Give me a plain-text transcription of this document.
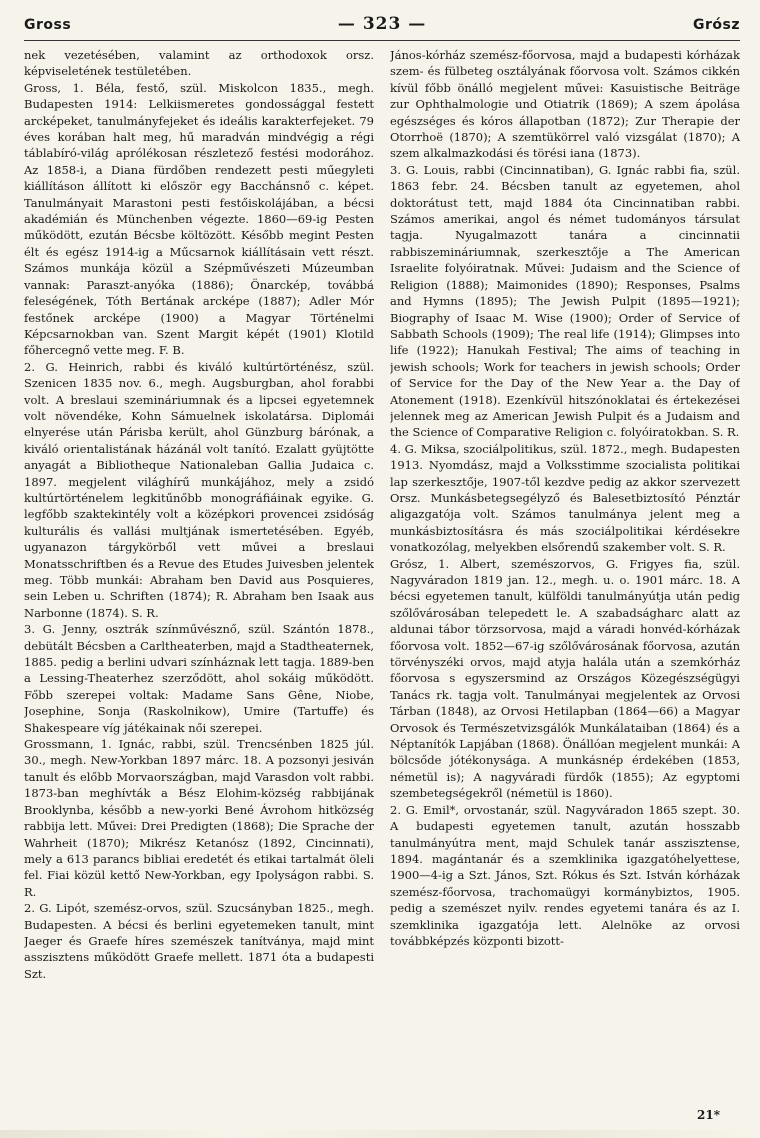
Gross	— 323 —	Grósz

nek vezetésében, valamint az orthodoxok orsz. képviseletének testületében.

Gross, 1. Béla, festő, szül. Miskolcon 1835., megh. Budapesten 1914: Lelkiismeretes gondossággal festett arcképeket, tanulmányfejeket és ideális karakterfejeket. 79 éves korában halt meg, hű maradván mindvégig a régi táblabíró-világ aprólékosan részletező festési modorához. Az 1858-i, a Diana fürdőben rendezett pesti műegyleti kiállításon állított ki először egy Bacchánsnő c. képet. Tanulmányait Marastoni pesti festőiskolájában, a bécsi akadémián és Münchenben végezte. 1860—69-ig Pesten működött, ezután Bécsbe költözött. Később megint Pesten élt és egész 1914-ig a Műcsarnok kiállításain vett részt. Számos munkája közül a Szépművészeti Múzeumban vannak: Paraszt-anyóka (1886); Önarckép, továbbá feleségének, Tóth Bertának arcképe (1887); Adler Mór festőnek arcképe (1900) a Magyar Történelmi Képcsarnokban van. Szent Margit képét (1901) Klotild főhercegnő vette meg. F. B.

2. G. Heinrich, rabbi és kiváló kultúrtörténész, szül. Szenicen 1835 nov. 6., megh. Augsburgban, ahol forabbi volt. A breslaui szemináriumnak és a lipcsei egyetemnek volt növendéke, Kohn Sámuelnek iskolatársa. Diplomái elnyerése után Párisba került, ahol Günzburg bárónak, a kiváló orientalistának házánál volt tanító. Ezalatt gyüjtötte anyagát a Bibliotheque Nationaleban Gallia Judaica c. 1897. megjelent világhírű munkájához, mely a zsidó kultúrtörténelem legkitűnőbb monográfiáinak egyike. G. legfőbb szaktekintély volt a középkori provencei zsidóság kulturális és vallási multjának ismertetésében. Egyéb, ugyanazon tárgykörből vett művei a breslaui Monatsschriftben és a Revue des Etudes Juivesben jelentek meg. Több munkái: Abraham ben David aus Posquieres, sein Leben u. Schriften (1874); R. Abraham ben Isaak aus Narbonne (1874). S. R.

3. G. Jenny, osztrák színművésznő, szül. Szántón 1878., debütált Bécsben a Carltheaterben, majd a Stadtheaternek, 1885. pedig a berlini udvari színháznak lett tagja. 1889-ben a Lessing-Theaterhez szerződött, ahol sokáig működött. Főbb szerepei voltak: Madame Sans Gêne, Niobe, Josephine, Sonja (Raskolnikow), Umire (Tartuffe) és Shakespeare víg játékainak női szerepei.

Grossmann, 1. Ignác, rabbi, szül. Trencsénben 1825 júl. 30., megh. New-Yorkban 1897 márc. 18. A pozsonyi jesiván tanult és előbb Morvaországban, majd Varasdon volt rabbi. 1873-ban meghívták a Bész Elohim-község rabbijának Brooklynba, később a new-yorki Bené Ávrohom hitközség rabbija lett. Művei: Drei Predigten (1868); Die Sprache der Wahrheit (1870); Mikrész Ketanósz (1892, Cincinnati), mely a 613 parancs bibliai eredetét és etikai tartalmát öleli fel. Fiai közül kettő New-Yorkban, egy Ipolyságon rabbi. S. R.

2. G. Lipót, szemész-orvos, szül. Szucsányban 1825., megh. Budapesten. A bécsi és berlini egyetemeken tanult, mint Jaeger és Graefe híres szemészek tanítványa, majd mint asszisztens működött Graefe mellett. 1871 óta a budapesti Szt.

János-kórház szemész-főorvosa, majd a budapesti kórházak szem- és fülbeteg osztályának főorvosa volt. Számos cikkén kívül főbb önálló megjelent művei: Kasuistische Beiträge zur Ophthalmologie und Otiatrik (1869); A szem ápolása egészséges és kóros állapotban (1872); Zur Therapie der Otorrhoë (1870); A szemtükörrel való vizsgálat (1870); A szem alkalmazkodási és törési iana (1873).

3. G. Louis, rabbi (Cincinnatiban), G. Ignác rabbi fia, szül. 1863 febr. 24. Bécsben tanult az egyetemen, ahol doktorátust tett, majd 1884 óta Cincinnatiban rabbi. Számos amerikai, angol és német tudományos társulat tagja. Nyugalmazott tanára a cincinnatii rabbiszemináriumnak, szerkesztője a The American Israelite folyóiratnak. Művei: Judaism and the Science of Religion (1888); Maimonides (1890); Responses, Psalms and Hymns (1895); The Jewish Pulpit (1895—1921); Biography of Isaac M. Wise (1900); Order of Service of Sabbath Schools (1909); The real life (1914); Glimpses into life (1922); Hanukah Festival; The aims of teaching in jewish schools; Work for teachers in jewish schools; Order of Service for the Day of the New Year a. the Day of Atonement (1918). Ezenkívül hitszónoklatai és értekezései jelennek meg az American Jewish Pulpit és a Judaism and the Science of Comparative Religion c. folyóiratokban. S. R.

4. G. Miksa, szociálpolitikus, szül. 1872., megh. Budapesten 1913. Nyomdász, majd a Volksstimme szocialista politikai lap szerkesztője, 1907-től kezdve pedig az akkor szervezett Orsz. Munkásbetegsegélyző és Balesetbiztosító Pénztár aligazgatója volt. Számos tanulmánya jelent meg a munkásbiztosításra és más szociálpolitikai kérdésekre vonatkozólag, melyekben elsőrendű szakember volt. S. R.

Grósz, 1. Albert, szemészorvos, G. Frigyes fia, szül. Nagyváradon 1819 jan. 12., megh. u. o. 1901 márc. 18. A bécsi egyetemen tanult, külföldi tanulmányútja után pedig szőlővárosában telepedett le. A szabadságharc alatt az aldunai tábor törzsorvosa, majd a váradi honvéd-kórházak főorvosa volt. 1852—67-ig szőlővárosának főorvosa, azután törvényszéki orvos, majd atyja halála után a szemkórház főorvosa s egyszersmind az Országos Közegészségügyi Tanács rk. tagja volt. Tanulmányai megjelentek az Orvosi Tárban (1848), az Orvosi Hetilapban (1864—66) a Magyar Orvosok és Természetvizsgálók Munkálataiban (1864) és a Néptanítók Lapjában (1868). Önállóan megjelent munkái: A bölcsőde jótékonysága. A munkásnép érdekében (1853, németül is); A nagyváradi fürdők (1855); Az egyptomi szembetegségekről (németül is 1860).

2. G. Emil*, orvostanár, szül. Nagyváradon 1865 szept. 30. A budapesti egyetemen tanult, azután hosszabb tanulmányútra ment, majd Schulek tanár asszisztense, 1894. magántanár és a szemklinika igazgatóhelyettese, 1900—4-ig a Szt. János, Szt. Rókus és Szt. István kórházak szemész-főorvosa, trachomaügyi kormánybiztos, 1905. pedig a szemészet nyilv. rendes egyetemi tanára és az I. szemklinika igazgatója lett. Alelnöke az orvosi továbbképzés központi bizott-

21*
